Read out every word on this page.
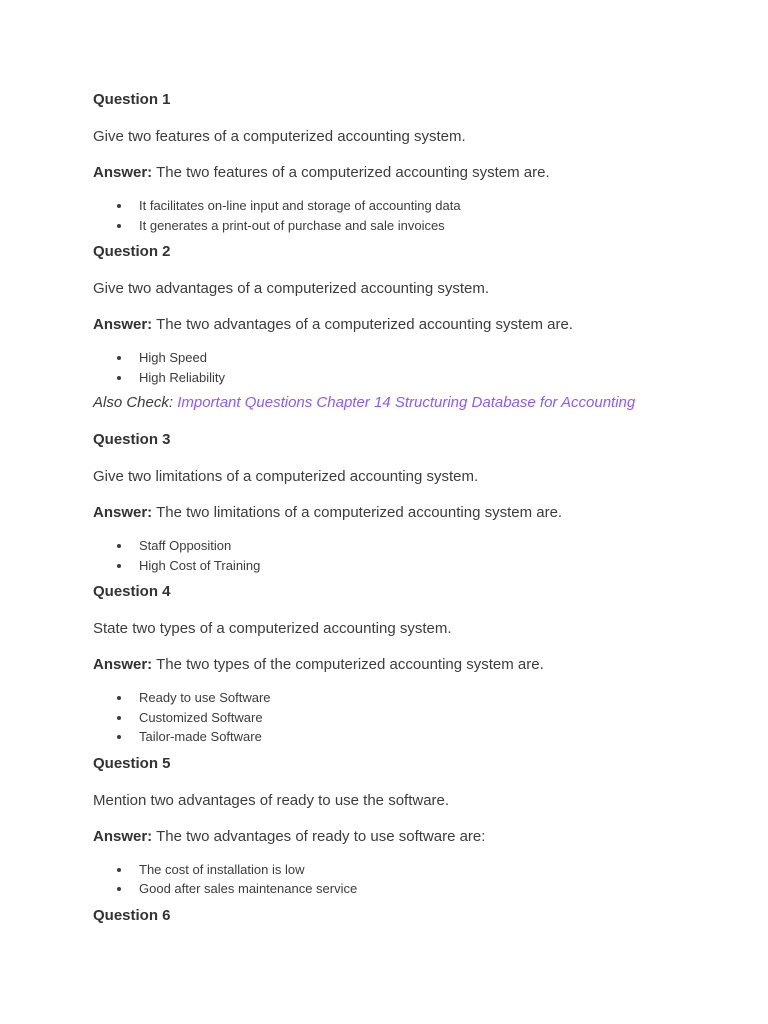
Question 1

Give two features of a computerized accounting system.

Answer: The two features of a computerized accounting system are.

It facilitates on-line input and storage of accounting data
It generates a print-out of purchase and sale invoices

Question 2

Give two advantages of a computerized accounting system.

Answer: The two advantages of a computerized accounting system are.

High Speed
High Reliability

Also Check: Important Questions Chapter 14 Structuring Database for Accounting

Question 3

Give two limitations of a computerized accounting system.

Answer: The two limitations of a computerized accounting system are.

Staff Opposition
High Cost of Training

Question 4

State two types of a computerized accounting system.

Answer: The two types of the computerized accounting system are.

Ready to use Software
Customized Software
Tailor-made Software

Question 5

Mention two advantages of ready to use the software.

Answer: The two advantages of ready to use software are:

The cost of installation is low
Good after sales maintenance service

Question 6
